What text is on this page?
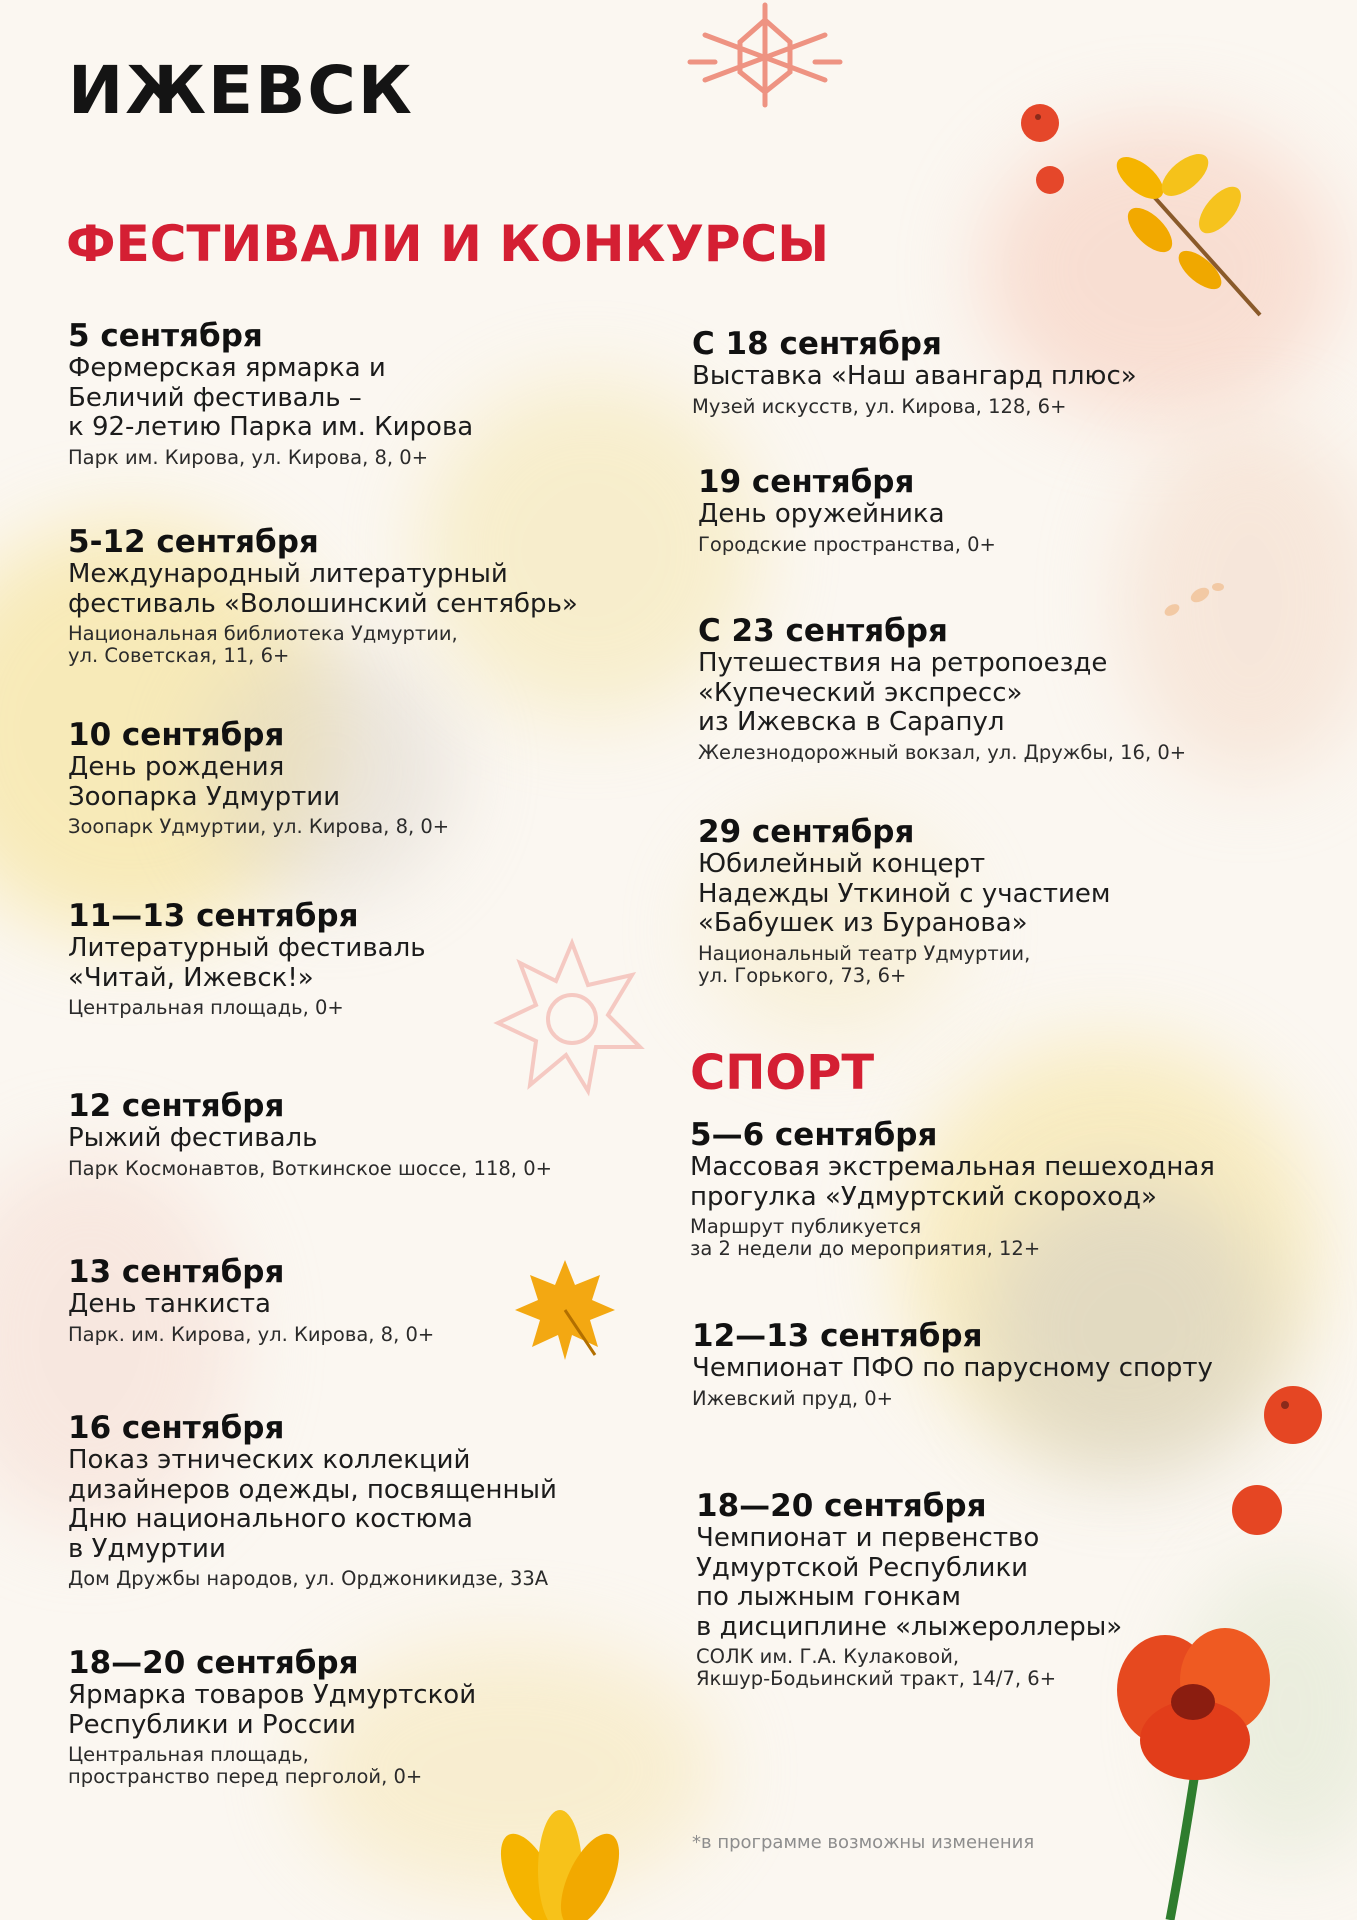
ИЖЕВСК
ФЕСТИВАЛИ И КОНКУРСЫ
5 сентября
Фермерская ярмарка и
Беличий фестиваль –
к 92-летию Парка им. Кирова
Парк им. Кирова, ул. Кирова, 8, 0+
5-12 сентября
Международный литературный
фестиваль «Волошинский сентябрь»
Национальная библиотека Удмуртии,
ул. Советская, 11, 6+
10 сентября
День рождения
Зоопарка Удмуртии
Зоопарк Удмуртии, ул. Кирова, 8, 0+
11—13 сентября
Литературный фестиваль
«Читай, Ижевск!»
Центральная площадь, 0+
12 сентября
Рыжий фестиваль
Парк Космонавтов, Воткинское шоссе, 118, 0+
13 сентября
День танкиста
Парк. им. Кирова, ул. Кирова, 8, 0+
16 сентября
Показ этнических коллекций
дизайнеров одежды, посвященный
Дню национального костюма
в Удмуртии
Дом Дружбы народов, ул. Орджоникидзе, 33А
18—20 сентября
Ярмарка товаров Удмуртской
Республики и России
Центральная площадь,
пространство перед перголой, 0+
С 18 сентября
Выставка «Наш авангард плюс»
Музей искусств, ул. Кирова, 128, 6+
19 сентября
День оружейника
Городские пространства, 0+
С 23 сентября
Путешествия на ретропоезде
«Купеческий экспресс»
из Ижевска в Сарапул
Железнодорожный вокзал, ул. Дружбы, 16, 0+
29 сентября
Юбилейный концерт
Надежды Уткиной с участием
«Бабушек из Буранова»
Национальный театр Удмуртии,
ул. Горького, 73, 6+
СПОРТ
5—6 сентября
Массовая экстремальная пешеходная
прогулка «Удмуртский скороход»
Маршрут публикуется
за 2 недели до мероприятия, 12+
12—13 сентября
Чемпионат ПФО по парусному спорту
Ижевский пруд, 0+
18—20 сентября
Чемпионат и первенство
Удмуртской Республики
по лыжным гонкам
в дисциплине «лыжероллеры»
СОЛК им. Г.А. Кулаковой,
Якшур-Бодьинский тракт, 14/7, 6+
*в программе возможны изменения
